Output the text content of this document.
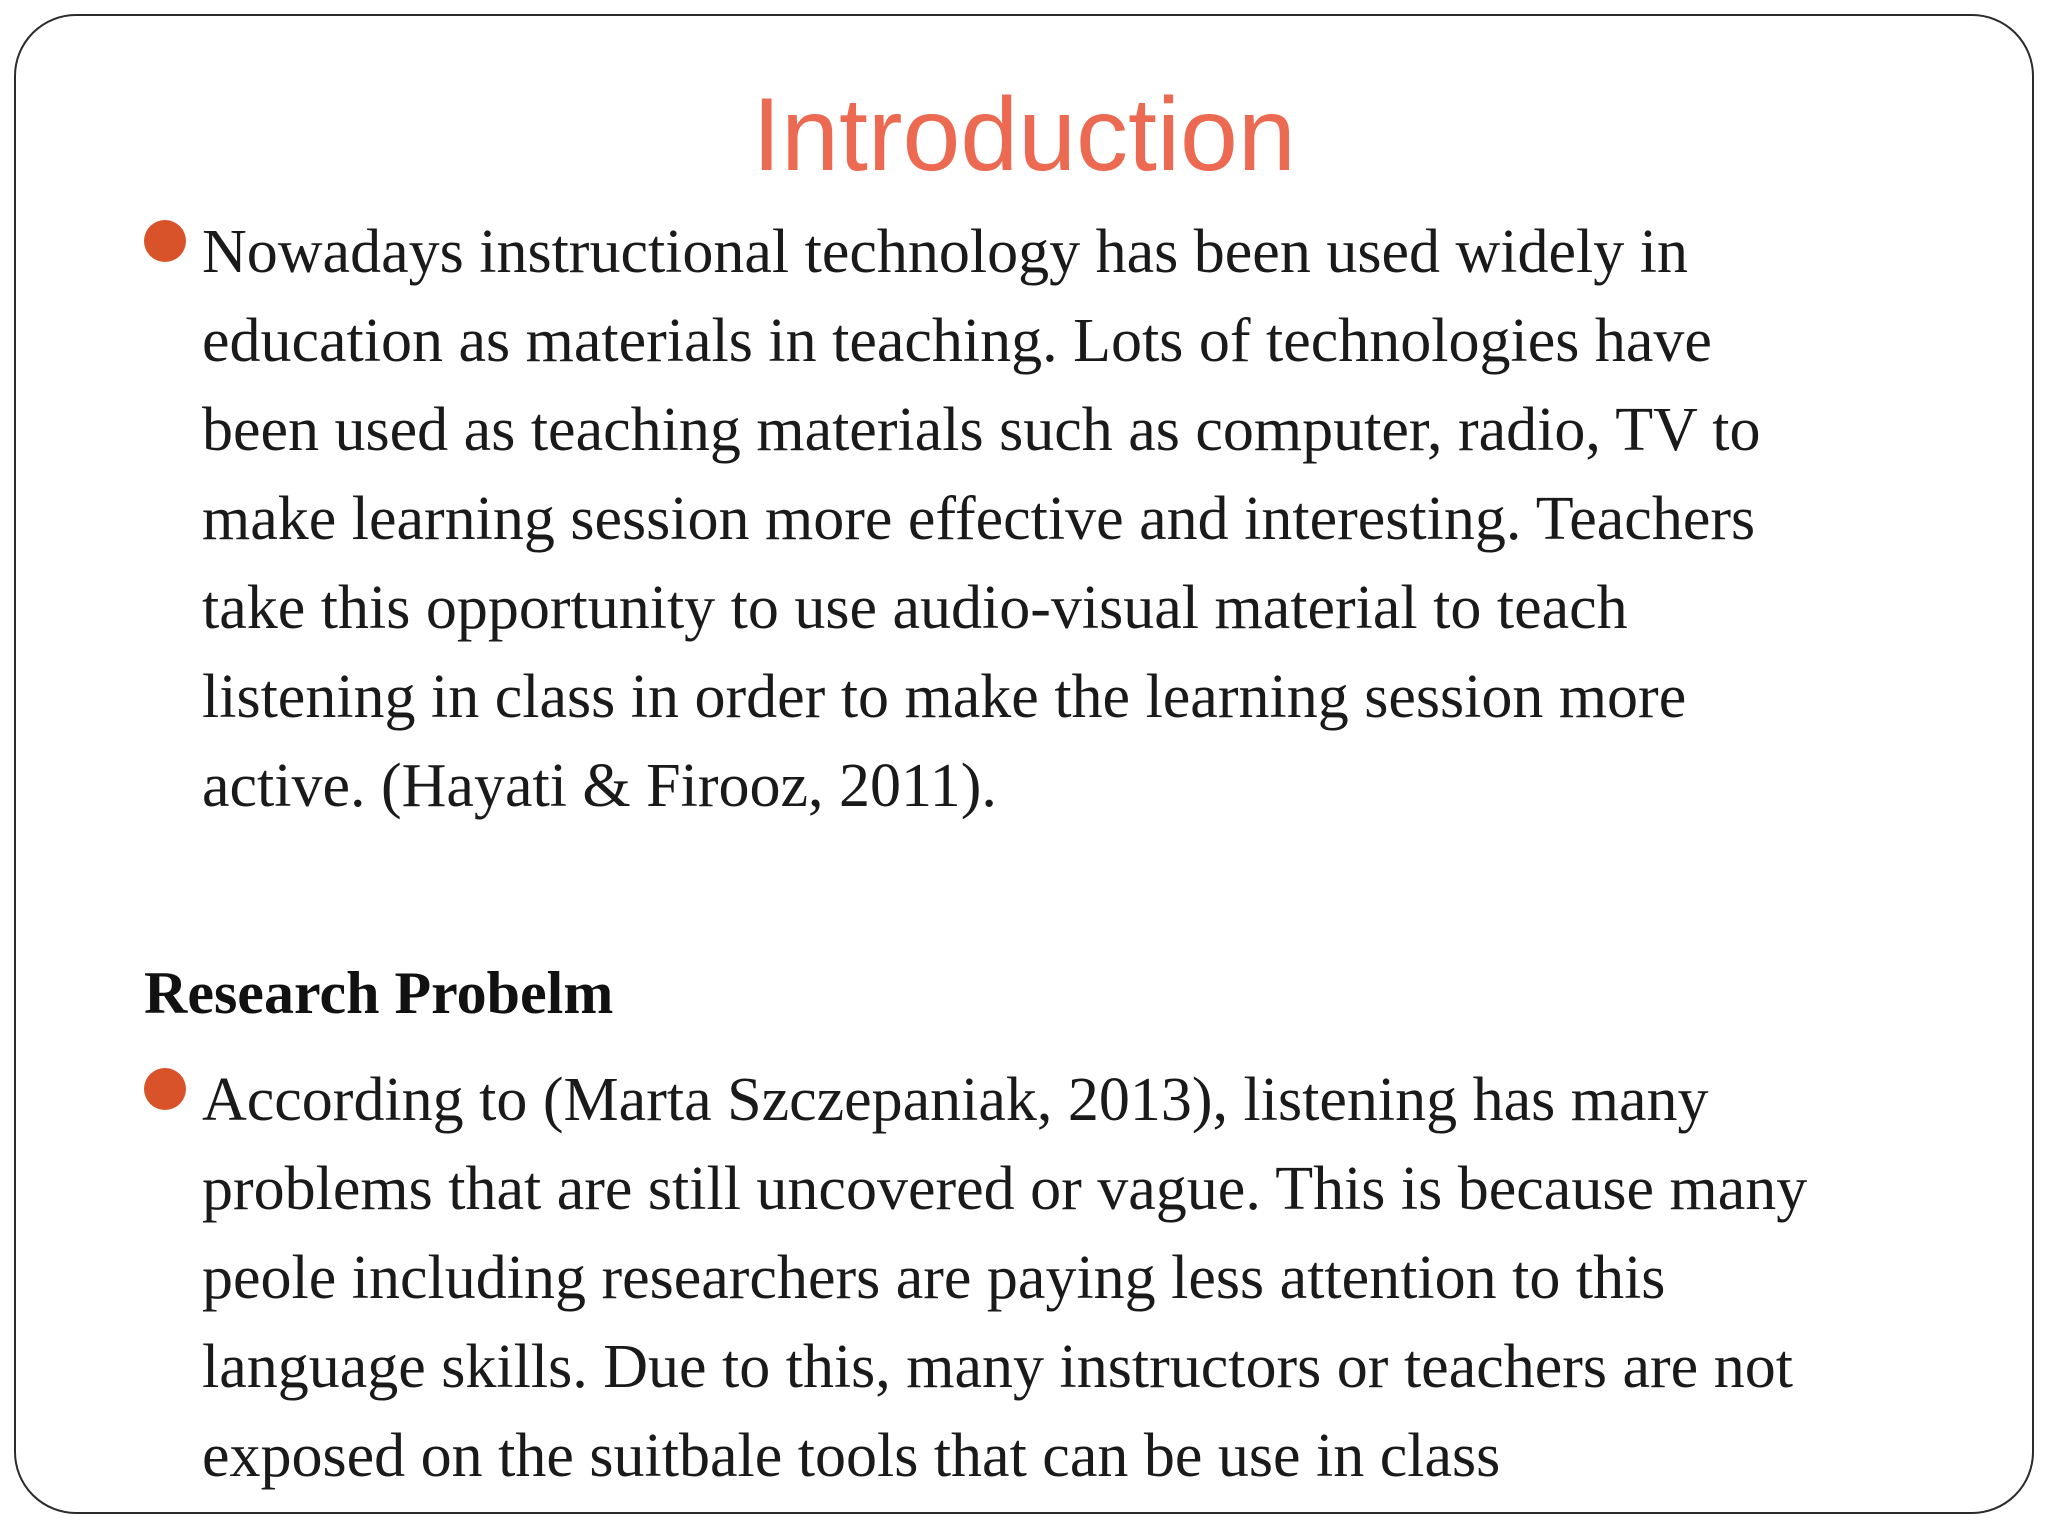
Introduction

Nowadays instructional technology has been used widely in
education as materials in teaching. Lots of technologies have
been used as teaching materials such as computer, radio, TV to
make learning session more effective and interesting. Teachers
take this opportunity to use audio-visual material to teach
listening in class in order to make the learning session more
active. (Hayati & Firooz, 2011).

Research Probelm

According to (Marta Szczepaniak, 2013), listening has many
problems that are still uncovered or vague. This is because many
peole including researchers are paying less attention to this
language skills. Due to this, many instructors or teachers are not
exposed on the suitbale tools that can be use in class
